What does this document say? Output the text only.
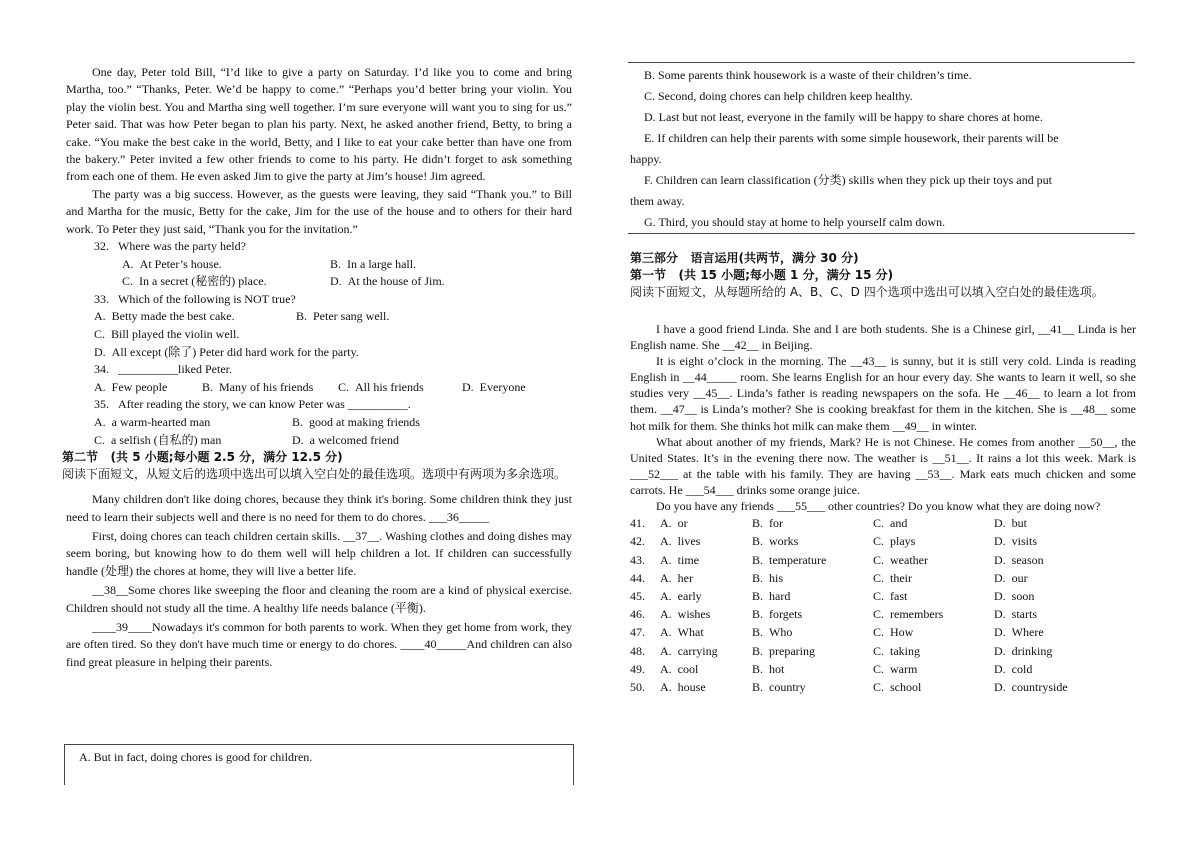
One day, Peter told Bill, “I’d like to give a party on Saturday. I’d like you to come and bring Martha, too.” “Thanks, Peter. We’d be happy to come.” “Perhaps you’d better bring your violin. You play the violin best. You and Martha sing well together. I’m sure everyone will want you to sing for us.” Peter said. That was how Peter began to plan his party. Next, he asked another friend, Betty, to bring a cake. “You make the best cake in the world, Betty, and I like to eat your cake better than have one from the bakery.” Peter invited a few other friends to come to his party. He didn’t forget to ask something from each one of them. He even asked Jim to give the party at Jim’s house! Jim agreed.

The party was a big success. However, as the guests were leaving, they said “Thank you.” to Bill and Martha for the music, Betty for the cake, Jim for the use of the house and to others for their hard work. To Peter they just said, “Thank you for the invitation.”

32.   Where was the party held?

A.  At Peter’s house.	B.  In a large hall.
C.  In a secret (秘密的) place.	D.  At the house of Jim.

33.   Which of the following is NOT true?

A.  Betty made the best cake.	B.  Peter sang well.

C.  Bill played the violin well.

D.  All except (除了) Peter did hard work for the party.

34.   __________liked Peter.

A.  Few people	B.  Many of his friends	C.  All his friends	D.  Everyone

35.   After reading the story, we can know Peter was __________.

A.  a warm-hearted man	B.  good at making friends
C.  a selfish (自私的) man	D.  a welcomed friend

第二节   (共 5 小题;每小题 2.5 分，满分 12.5 分)

阅读下面短文，从短文后的选项中选出可以填入空白处的最佳选项。选项中有两项为多余选项。

Many children don't like doing chores, because they think it's boring. Some children think they just need to learn their subjects well and there is no need for them to do chores. ___36_____

First, doing chores can teach children certain skills. __37__. Washing clothes and doing dishes may seem boring, but knowing how to do them well will help children a lot. If children can successfully handle (处理) the chores at home, they will live a better life.

__38__Some chores like sweeping the floor and cleaning the room are a kind of physical exercise. Children should not study all the time. A healthy life needs balance (平衡).

____39____Nowadays it's common for both parents to work. When they get home from work, they are often tired. So they don't have much time or energy to do chores. ____40_____And children can also find great pleasure in helping their parents.

A. But in fact, doing chores is good for children.

B. Some parents think housework is a waste of their children’s time.

C. Second, doing chores can help children keep healthy.

D. Last but not least, everyone in the family will be happy to share chores at home.

E. If children can help their parents with some simple housework, their parents will be

happy.

F. Children can learn classification (分类) skills when they pick up their toys and put

them away.

G. Third, you should stay at home to help yourself calm down.

第三部分   语言运用(共两节，满分 30 分)

第一节   (共 15 小题;每小题 1 分，满分 15 分)

阅读下面短文，从每题所给的 A、B、C、D 四个选项中选出可以填入空白处的最佳选项。

I have a good friend Linda. She and I are both students. She is a Chinese girl, __41__ Linda is her English name. She __42__ in Beijing.

It is eight o’clock in the morning. The __43__ is sunny, but it is still very cold. Linda is reading English in __44_____ room. She learns English for an hour every day. She wants to learn it well, so she studies very __45__. Linda’s father is reading newspapers on the sofa. He __46__ to learn a lot from them. __47__ is Linda’s mother? She is cooking breakfast for them in the kitchen. She is __48__ some hot milk for them. She thinks hot milk can make them __49__ in winter.

What about another of my friends, Mark? He is not Chinese. He comes from another __50__, the United States. It’s in the evening there now. The weather is __51__. It rains a lot this week. Mark is ___52___ at the table with his family. They are having __53__. Mark eats much chicken and some carrots. He ___54___ drinks some orange juice.

Do you have any friends ___55___ other countries? Do you know what they are doing now?

41.	A.  or	B.  for	C.  and	D.  but
42.	A.  lives	B.  works	C.  plays	D.  visits
43.	A.  time	B.  temperature	C.  weather	D.  season
44.	A.  her	B.  his	C.  their	D.  our
45.	A.  early	B.  hard	C.  fast	D.  soon
46.	A.  wishes	B.  forgets	C.  remembers	D.  starts
47.	A.  What	B.  Who	C.  How	D.  Where
48.	A.  carrying	B.  preparing	C.  taking	D.  drinking
49.	A.  cool	B.  hot	C.  warm	D.  cold
50.	A.  house	B.  country	C.  school	D.  countryside
